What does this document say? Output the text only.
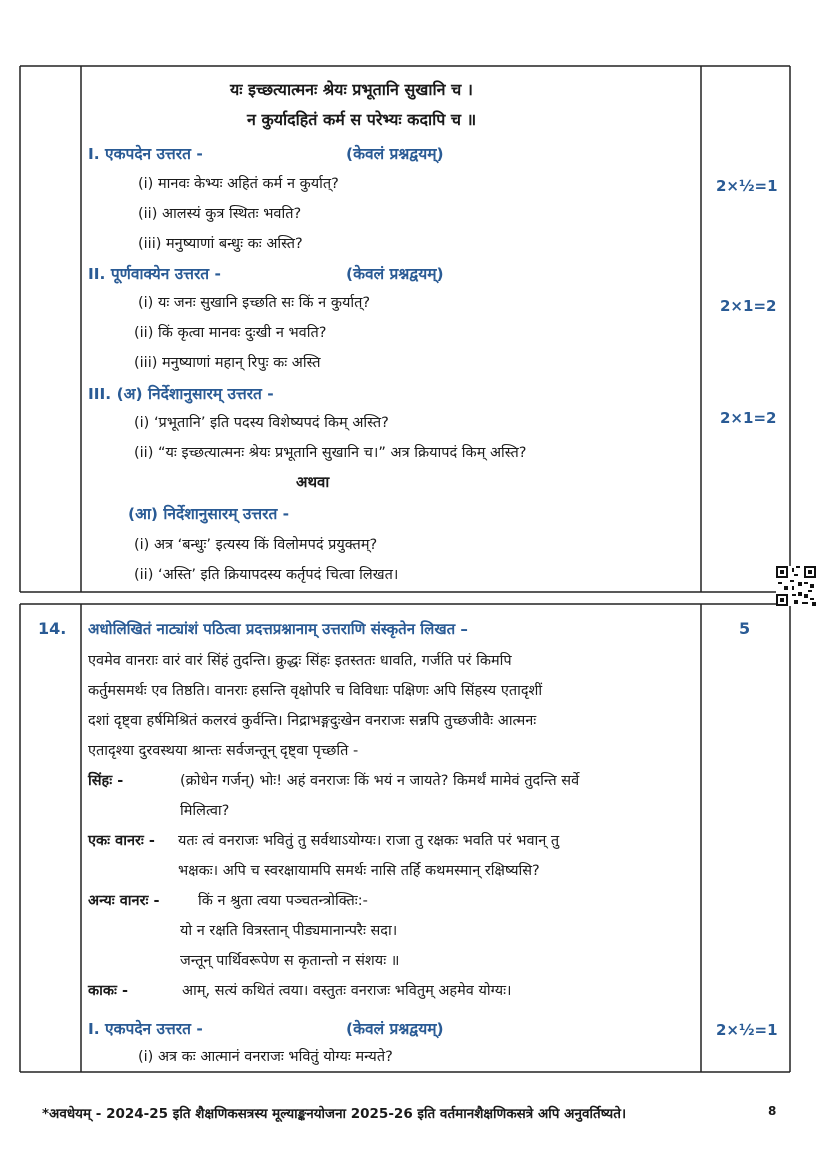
यः इच्छत्यात्मनः श्रेयः प्रभूतानि सुखानि च ।
न कुर्यादहितं कर्म स परेभ्यः कदापि च ॥
I. एकपदेन उत्तरत -	(केवलं प्रश्नद्वयम्)
(i) मानवः केभ्यः अहितं कर्म न कुर्यात्?
(ii) आलस्यं कुत्र स्थितः भवति?
(iii) मनुष्याणां बन्धुः कः अस्ति?
2×½=1
II. पूर्णवाक्येन उत्तरत -	(केवलं प्रश्नद्वयम्)
(i) यः जनः सुखानि इच्छति सः किं न कुर्यात्?
(ii) किं कृत्वा मानवः दुःखी न भवति?
(iii) मनुष्याणां महान् रिपुः कः अस्ति
2×1=2
III. (अ) निर्देशानुसारम् उत्तरत -
(i) ‘प्रभूतानि’ इति पदस्य विशेष्यपदं किम् अस्ति?
(ii) “यः इच्छत्यात्मनः श्रेयः प्रभूतानि सुखानि च।” अत्र क्रियापदं किम् अस्ति?
2×1=2
अथवा
(आ) निर्देशानुसारम् उत्तरत -
(i) अत्र ‘बन्धुः’ इत्यस्य किं विलोमपदं प्रयुक्तम्?
(ii) ‘अस्ति’ इति क्रियापदस्य कर्तृपदं चित्वा लिखत।
14.	5
अधोलिखितं नाट्यांशं पठित्वा प्रदत्तप्रश्नानाम् उत्तराणि संस्कृतेन लिखत –
एवमेव वानराः वारं वारं सिंहं तुदन्ति। क्रुद्धः सिंहः इतस्ततः धावति, गर्जति परं किमपि
कर्तुमसमर्थः एव तिष्ठति। वानराः हसन्ति वृक्षोपरि च विविधाः पक्षिणः अपि सिंहस्य एतादृशीं
दशां दृष्ट्वा हर्षमिश्रितं कलरवं कुर्वन्ति। निद्राभङ्गदुःखेन वनराजः सन्नपि तुच्छजीवैः आत्मनः
एतादृश्या दुरवस्थया श्रान्तः सर्वजन्तून् दृष्ट्वा पृच्छति -
सिंहः -	(क्रोधेन गर्जन्) भोः! अहं वनराजः किं भयं न जायते? किमर्थं मामेवं तुदन्ति सर्वे
मिलित्वा?
एकः वानरः - यतः त्वं वनराजः भवितुं तु सर्वथाऽयोग्यः। राजा तु रक्षकः भवति परं भवान् तु
भक्षकः। अपि च स्वरक्षायामपि समर्थः नासि तर्हि कथमस्मान् रक्षिष्यसि?
अन्यः वानरः -	किं न श्रुता त्वया पञ्चतन्त्रोक्तिः:-
यो न रक्षति वित्रस्तान् पीड्यमानान्परैः सदा।
जन्तून् पार्थिवरूपेण स कृतान्तो न संशयः ॥
काकः -	आम्, सत्यं कथितं त्वया। वस्तुतः वनराजः भवितुम् अहमेव योग्यः।
I. एकपदेन उत्तरत -	(केवलं प्रश्नद्वयम्)
(i) अत्र कः आत्मानं वनराजः भवितुं योग्यः मन्यते?
2×½=1
*अवधेयम् - 2024-25 इति शैक्षणिकसत्रस्य मूल्याङ्कनयोजना 2025-26 इति वर्तमानशैक्षणिकसत्रे अपि अनुवर्तिष्यते।	8
